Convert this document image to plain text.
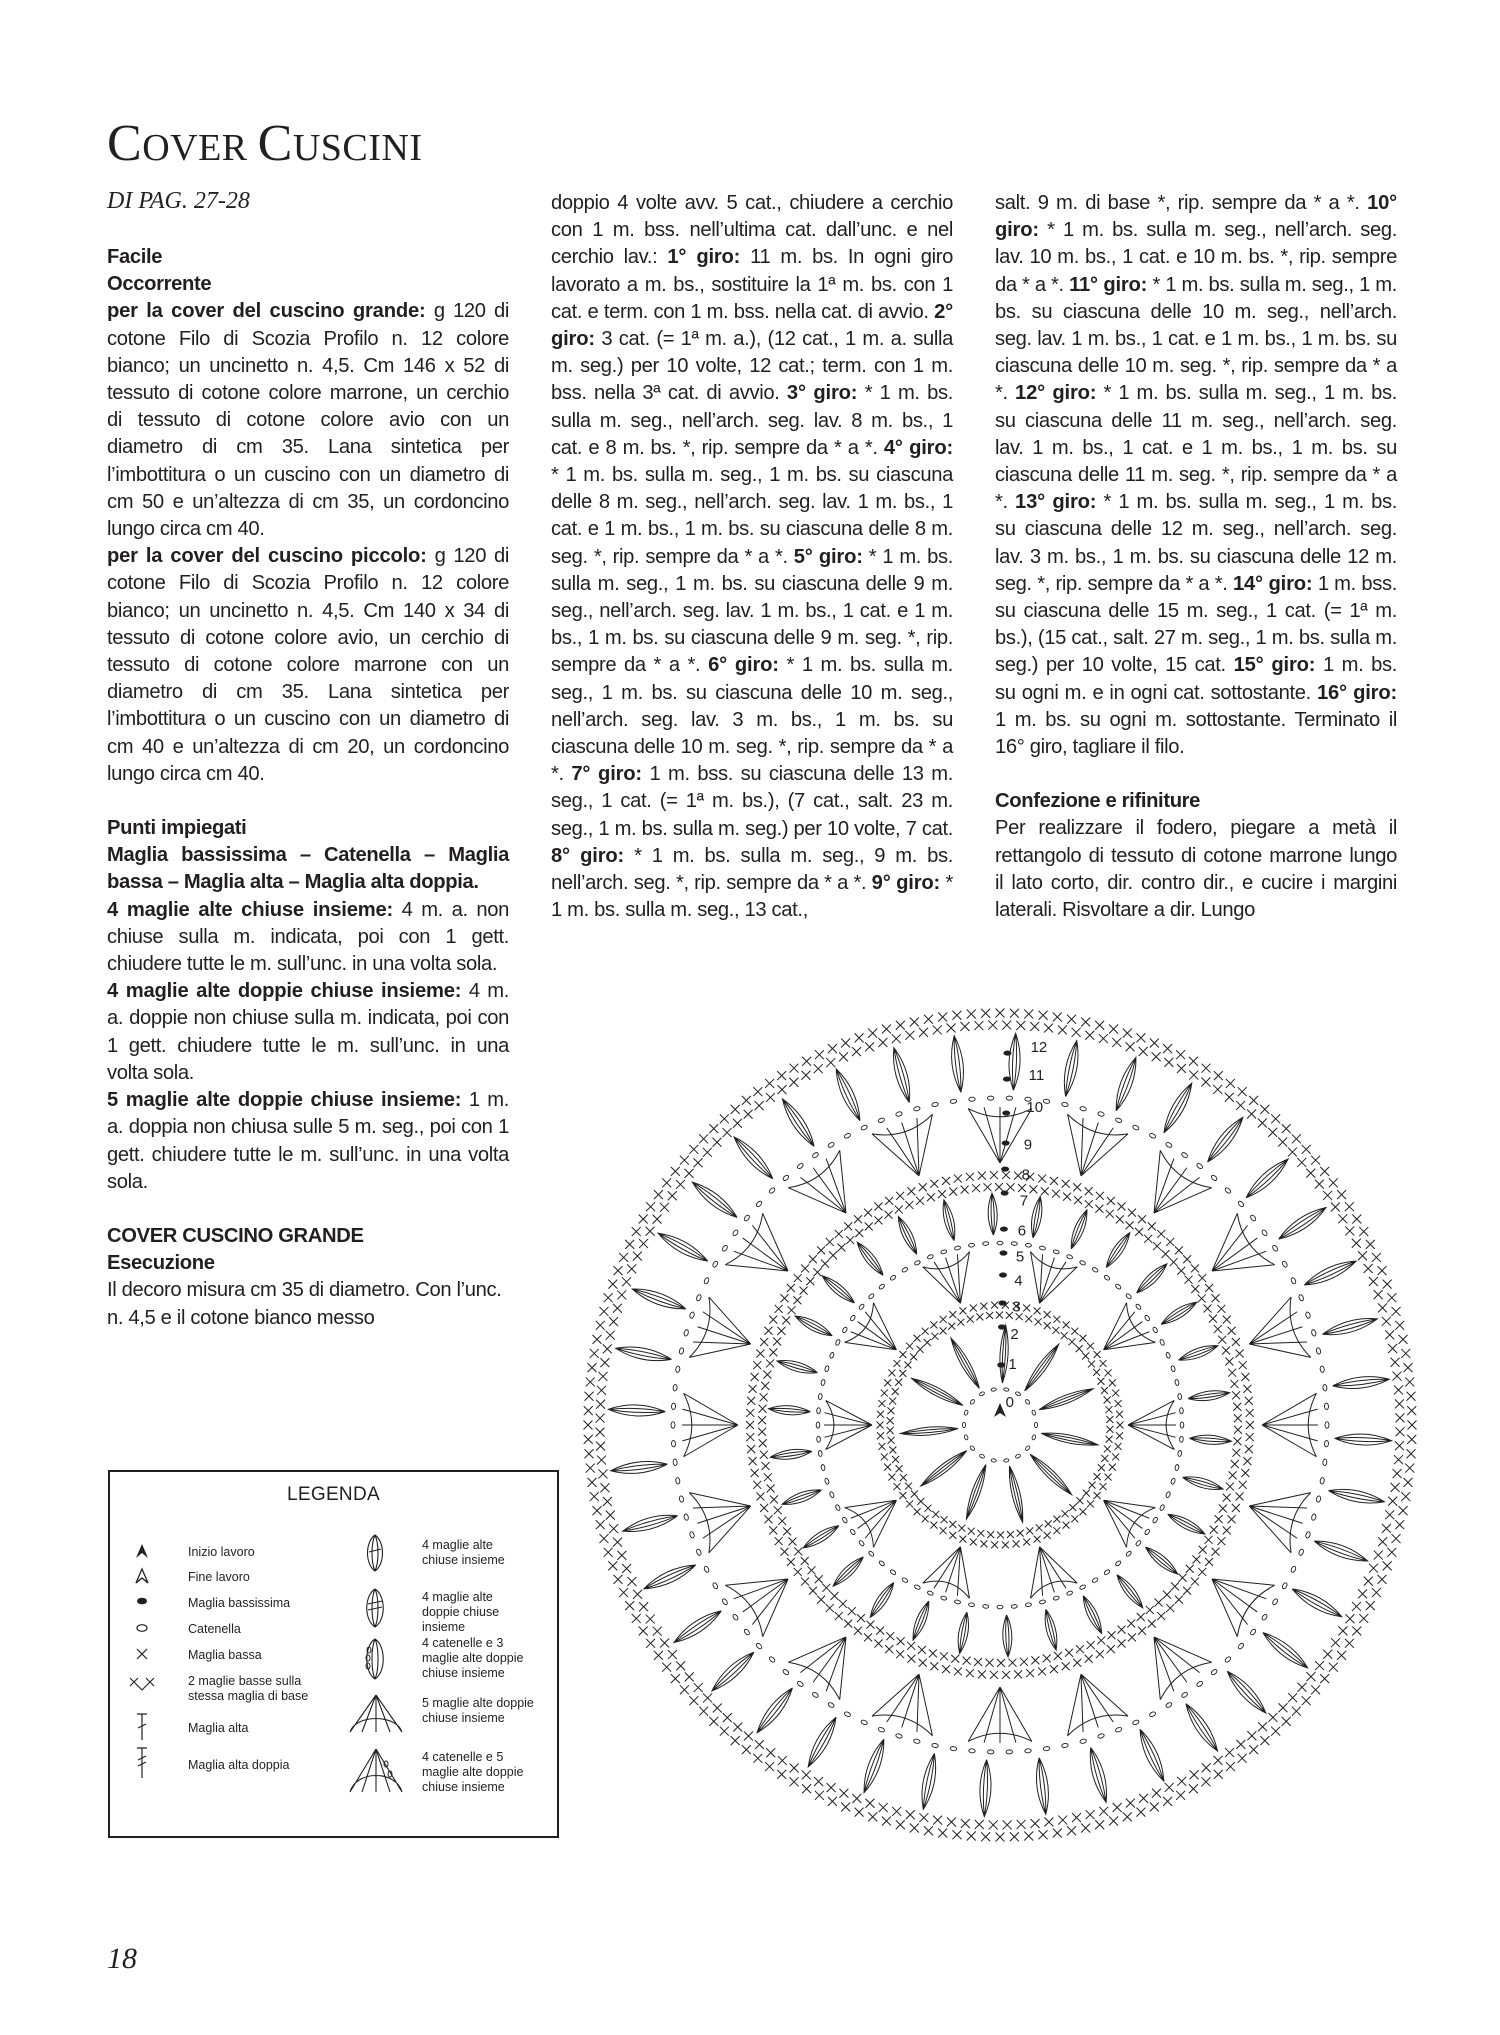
COVER CUSCINI
DI PAG. 27-28

Facile

Occorrente

per la cover del cuscino grande: g 120 di cotone Filo di Scozia Profilo n. 12 colore bianco; un uncinetto n. 4,5. Cm 146 x 52 di tessuto di cotone colore marrone, un cerchio di tessuto di cotone colore avio con un diametro di cm 35. Lana sintetica per l’imbottitura o un cuscino con un diametro di cm 50 e un’altezza di cm 35, un cordoncino lungo circa cm 40.

per la cover del cuscino piccolo: g 120 di cotone Filo di Scozia Profilo n. 12 colore bianco; un uncinetto n. 4,5. Cm 140 x 34 di tessuto di cotone colore avio, un cerchio di tessuto di cotone colore marrone con un diametro di cm 35. Lana sintetica per l’imbottitura o un cuscino con un diametro di cm 40 e un’altezza di cm 20, un cordoncino lungo circa cm 40.

Punti impiegati

Maglia bassissima – Catenella – Maglia bassa – Maglia alta – Maglia alta doppia.

4 maglie alte chiuse insieme: 4 m. a. non chiuse sulla m. indicata, poi con 1 gett. chiudere tutte le m. sull’unc. in una volta sola.

4 maglie alte doppie chiuse insieme: 4 m. a. doppie non chiuse sulla m. indicata, poi con 1 gett. chiudere tutte le m. sull’unc. in una volta sola.

5 maglie alte doppie chiuse insieme: 1 m. a. doppia non chiusa sulle 5 m. seg., poi con 1 gett. chiudere tutte le m. sull’unc. in una volta sola.

COVER CUSCINO GRANDE

Esecuzione

Il decoro misura cm 35 di diametro. Con l’unc. n. 4,5 e il cotone bianco messo

doppio 4 volte avv. 5 cat., chiudere a cerchio con 1 m. bss. nell’ultima cat. dall’unc. e nel cerchio lav.: 1° giro: 11 m. bs. In ogni giro lavorato a m. bs., sostituire la 1ª m. bs. con 1 cat. e term. con 1 m. bss. nella cat. di avvio. 2° giro: 3 cat. (= 1ª m. a.), (12 cat., 1 m. a. sulla m. seg.) per 10 volte, 12 cat.; term. con 1 m. bss. nella 3ª cat. di avvio. 3° giro: * 1 m. bs. sulla m. seg., nell’arch. seg. lav. 8 m. bs., 1 cat. e 8 m. bs. *, rip. sempre da * a *. 4° giro: * 1 m. bs. sulla m. seg., 1 m. bs. su ciascuna delle 8 m. seg., nell’arch. seg. lav. 1 m. bs., 1 cat. e 1 m. bs., 1 m. bs. su ciascuna delle 8 m. seg. *, rip. sempre da * a *. 5° giro: * 1 m. bs. sulla m. seg., 1 m. bs. su ciascuna delle 9 m. seg., nell’arch. seg. lav. 1 m. bs., 1 cat. e 1 m. bs., 1 m. bs. su ciascuna delle 9 m. seg. *, rip. sempre da * a *. 6° giro: * 1 m. bs. sulla m. seg., 1 m. bs. su ciascuna delle 10 m. seg., nell’arch. seg. lav. 3 m. bs., 1 m. bs. su ciascuna delle 10 m. seg. *, rip. sempre da * a *. 7° giro: 1 m. bss. su ciascuna delle 13 m. seg., 1 cat. (= 1ª m. bs.), (7 cat., salt. 23 m. seg., 1 m. bs. sulla m. seg.) per 10 volte, 7 cat. 8° giro: * 1 m. bs. sulla m. seg., 9 m. bs. nell’arch. seg. *, rip. sempre da * a *. 9° giro: * 1 m. bs. sulla m. seg., 13 cat.,

salt. 9 m. di base *, rip. sempre da * a *. 10° giro: * 1 m. bs. sulla m. seg., nell’arch. seg. lav. 10 m. bs., 1 cat. e 10 m. bs. *, rip. sempre da * a *. 11° giro: * 1 m. bs. sulla m. seg., 1 m. bs. su ciascuna delle 10 m. seg., nell’arch. seg. lav. 1 m. bs., 1 cat. e 1 m. bs., 1 m. bs. su ciascuna delle 10 m. seg. *, rip. sempre da * a *. 12° giro: * 1 m. bs. sulla m. seg., 1 m. bs. su ciascuna delle 11 m. seg., nell’arch. seg. lav. 1 m. bs., 1 cat. e 1 m. bs., 1 m. bs. su ciascuna delle 11 m. seg. *, rip. sempre da * a *. 13° giro: * 1 m. bs. sulla m. seg., 1 m. bs. su ciascuna delle 12 m. seg., nell’arch. seg. lav. 3 m. bs., 1 m. bs. su ciascuna delle 12 m. seg. *, rip. sempre da * a *. 14° giro: 1 m. bss. su ciascuna delle 15 m. seg., 1 cat. (= 1ª m. bs.), (15 cat., salt. 27 m. seg., 1 m. bs. sulla m. seg.) per 10 volte, 15 cat. 15° giro: 1 m. bs. su ogni m. e in ogni cat. sottostante. 16° giro: 1 m. bs. su ogni m. sottostante. Terminato il 16° giro, tagliare il filo.

Confezione e rifiniture

Per realizzare il fodero, piegare a metà il rettangolo di tessuto di cotone marrone lungo il lato corto, dir. contro dir., e cucire i margini laterali. Risvoltare a dir. Lungo

LEGENDA
Inizio lavoro
Fine lavoro
Maglia bassissima
Catenella
Maglia bassa
2 maglie basse sulla stessa maglia di base
Maglia alta
Maglia alta doppia
4 maglie alte chiuse insieme
4 maglie alte doppie chiuse insieme
4 catenelle e 3 maglie alte doppie chiuse insieme
5 maglie alte doppie chiuse insieme
4 catenelle e 5 maglie alte doppie chiuse insieme
0
1
2
3
4
5
6
7
8
9
10
11
12
18
